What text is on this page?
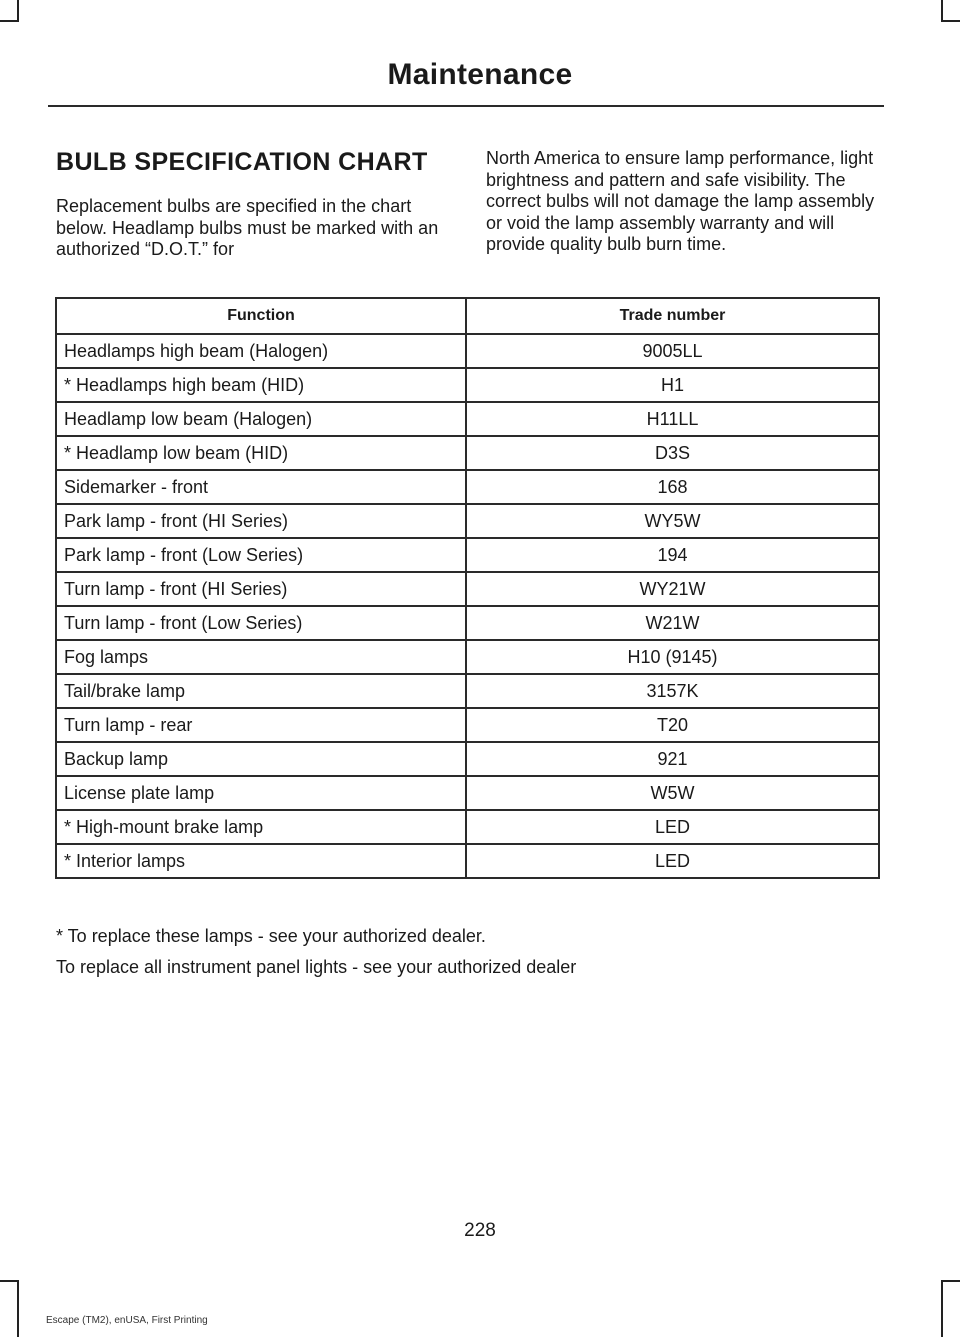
Maintenance
BULB SPECIFICATION CHART

Replacement bulbs are specified in the chart below. Headlamp bulbs must be marked with an authorized “D.O.T.” for

North America to ensure lamp performance, light brightness and pattern and safe visibility. The correct bulbs will not damage the lamp assembly or void the lamp assembly warranty and will provide quality bulb burn time.

Function	Trade number
Headlamps high beam (Halogen)	9005LL
* Headlamps high beam (HID)	H1
Headlamp low beam (Halogen)	H11LL
* Headlamp low beam (HID)	D3S
Sidemarker - front	168
Park lamp - front (HI Series)	WY5W
Park lamp - front (Low Series)	194
Turn lamp - front (HI Series)	WY21W
Turn lamp - front (Low Series)	W21W
Fog lamps	H10 (9145)
Tail/brake lamp	3157K
Turn lamp - rear	T20
Backup lamp	921
License plate lamp	W5W
* High-mount brake lamp	LED
* Interior lamps	LED

* To replace these lamps - see your authorized dealer.

To replace all instrument panel lights - see your authorized dealer

228
Escape (TM2), enUSA, First Printing
